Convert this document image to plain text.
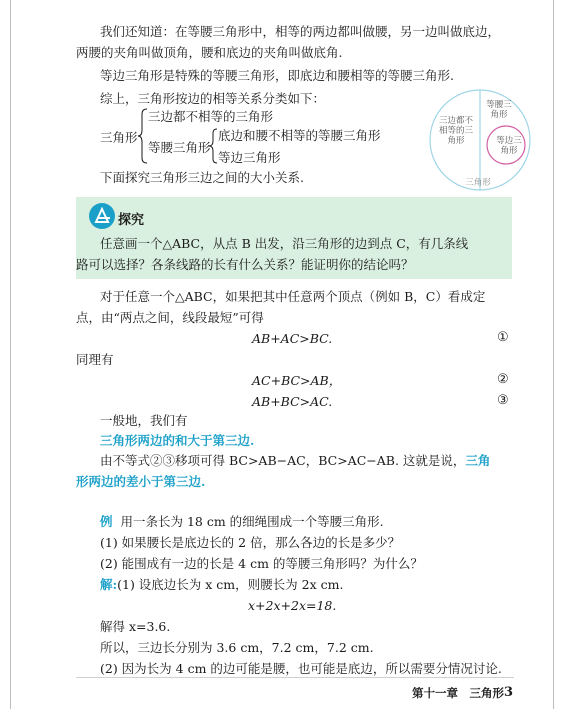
我们还知道：在等腰三角形中，相等的两边都叫做腰，另一边叫做底边，
两腰的夹角叫做顶角，腰和底边的夹角叫做底角.
等边三角形是特殊的等腰三角形，即底边和腰相等的等腰三角形.
综上，三角形按边的相等关系分类如下：
三角形
三边都不相等的三角形
等腰三角形
底边和腰不相等的等腰三角形
等边三角形
三边都不相等的三角形
等腰三角形
等边三角形
三角形
下面探究三角形三边之间的大小关系.
探究
任意画一个△ABC，从点 B 出发，沿三角形的边到点 C，有几条线
路可以选择？各条线路的长有什么关系？能证明你的结论吗？
对于任意一个△ABC，如果把其中任意两个顶点（例如 B，C）看成定
点，由“两点之间，线段最短”可得
AB+AC>BC.	①
同理有
AC+BC>AB，	②
AB+BC>AC.	③
一般地，我们有
三角形两边的和大于第三边.
由不等式②③移项可得 BC>AB−AC，BC>AC−AB. 这就是说，三角
形两边的差小于第三边.
例 用一条长为 18 cm 的细绳围成一个等腰三角形.
(1) 如果腰长是底边长的 2 倍，那么各边的长是多少？
(2) 能围成有一边的长是 4 cm 的等腰三角形吗？为什么？
解:(1) 设底边长为 x cm，则腰长为 2x cm.
x+2x+2x=18.
解得 x=3.6.
所以，三边长分别为 3.6 cm，7.2 cm，7.2 cm.
(2) 因为长为 4 cm 的边可能是腰，也可能是底边，所以需要分情况讨论.
第十一章　三角形 3
